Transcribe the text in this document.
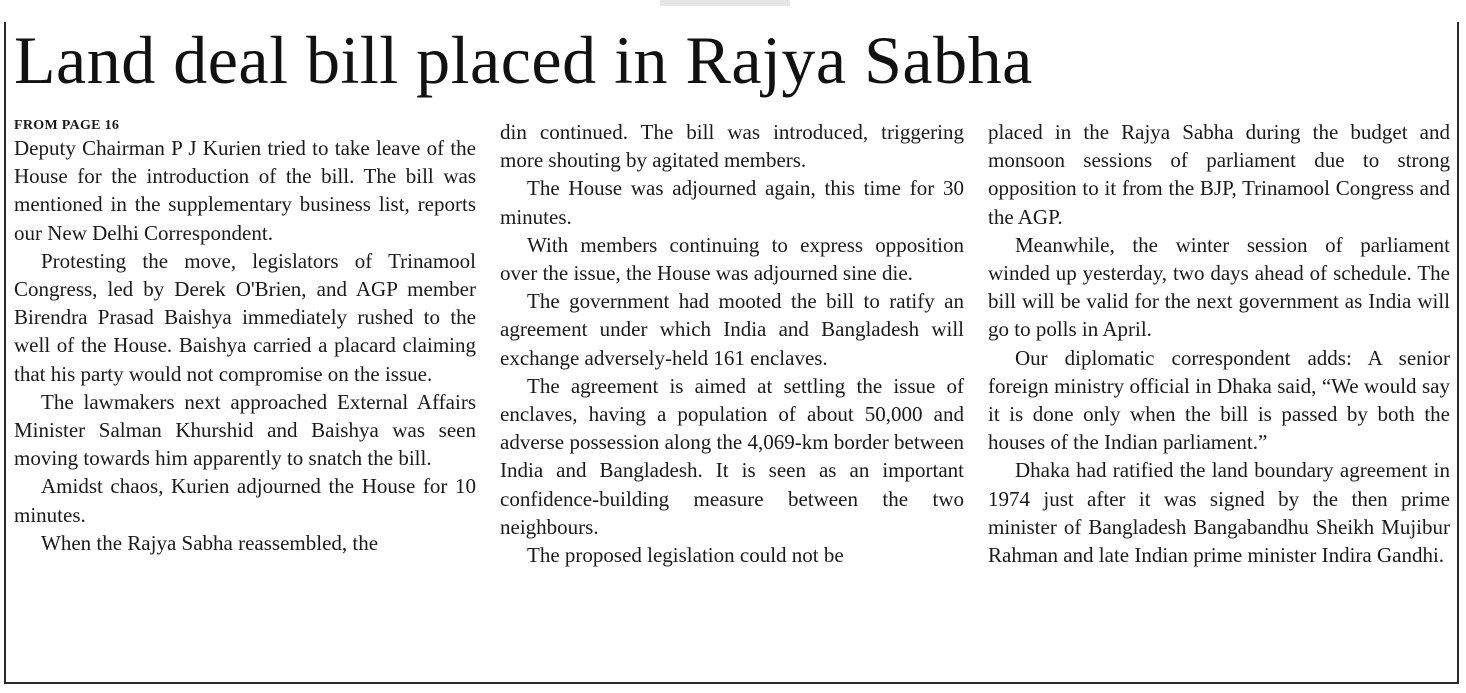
Land deal bill placed in Rajya Sabha
FROM PAGE 16

Deputy Chairman P J Kurien tried to take leave of the House for the introduction of the bill. The bill was mentioned in the supplementary business list, reports our New Delhi Correspondent.

Protesting the move, legislators of Trinamool Congress, led by Derek O'Brien, and AGP member Birendra Prasad Baishya immediately rushed to the well of the House. Baishya carried a placard claiming that his party would not compromise on the issue.

The lawmakers next approached External Affairs Minister Salman Khurshid and Baishya was seen moving towards him apparently to snatch the bill.

Amidst chaos, Kurien adjourned the House for 10 minutes.

When the Rajya Sabha reassembled, the

din continued. The bill was introduced, triggering more shouting by agitated members.

The House was adjourned again, this time for 30 minutes.

With members continuing to express opposition over the issue, the House was adjourned sine die.

The government had mooted the bill to ratify an agreement under which India and Bangladesh will exchange adversely-held 161 enclaves.

The agreement is aimed at settling the issue of enclaves, having a population of about 50,000 and adverse possession along the 4,069-km border between India and Bangladesh. It is seen as an important confidence-building measure between the two neighbours.

The proposed legislation could not be

placed in the Rajya Sabha during the budget and monsoon sessions of parliament due to strong opposition to it from the BJP, Trinamool Congress and the AGP.

Meanwhile, the winter session of parliament winded up yesterday, two days ahead of schedule. The bill will be valid for the next government as India will go to polls in April.

Our diplomatic correspondent adds: A senior foreign ministry official in Dhaka said, “We would say it is done only when the bill is passed by both the houses of the Indian parliament.”

Dhaka had ratified the land boundary agreement in 1974 just after it was signed by the then prime minister of Bangladesh Bangabandhu Sheikh Mujibur Rahman and late Indian prime minister Indira Gandhi.
